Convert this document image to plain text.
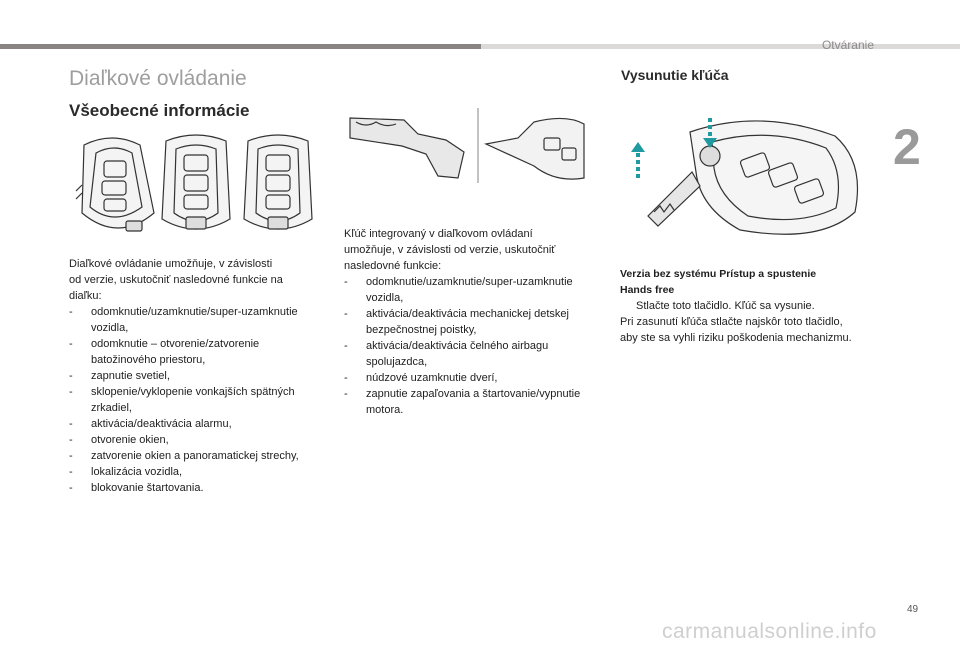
Otváranie
2
Diaľkové ovládanie
Všeobecné informácie
Vysunutie kľúča

Diaľkové ovládanie umožňuje, v závislosti

od verzie, uskutočniť nasledovné funkcie na

diaľku:

- odomknutie/uzamknutie/super-uzamknutie vozidla,
- odomknutie – otvorenie/zatvorenie batožinového priestoru,
- zapnutie svetiel,
- sklopenie/vyklopenie vonkajších spätných zrkadiel,
- aktivácia/deaktivácia alarmu,
- otvorenie okien,
- zatvorenie okien a panoramatickej strechy,
- lokalizácia vozidla,
- blokovanie štartovania.

Kľúč integrovaný v diaľkovom ovládaní

umožňuje, v závislosti od verzie, uskutočniť

nasledovné funkcie:

- odomknutie/uzamknutie/super-uzamknutie vozidla,
- aktivácia/deaktivácia mechanickej detskej bezpečnostnej poistky,
- aktivácia/deaktivácia čelného airbagu spolujazdca,
- núdzové uzamknutie dverí,
- zapnutie zapaľovania a štartovanie/vypnutie motora.

Verzia bez systému Prístup a spustenie

Hands free

Stlačte toto tlačidlo. Kľúč sa vysunie.

Pri zasunutí kľúča stlačte najskôr toto tlačidlo,

aby ste sa vyhli riziku poškodenia mechanizmu.

49
carmanualsonline.info
